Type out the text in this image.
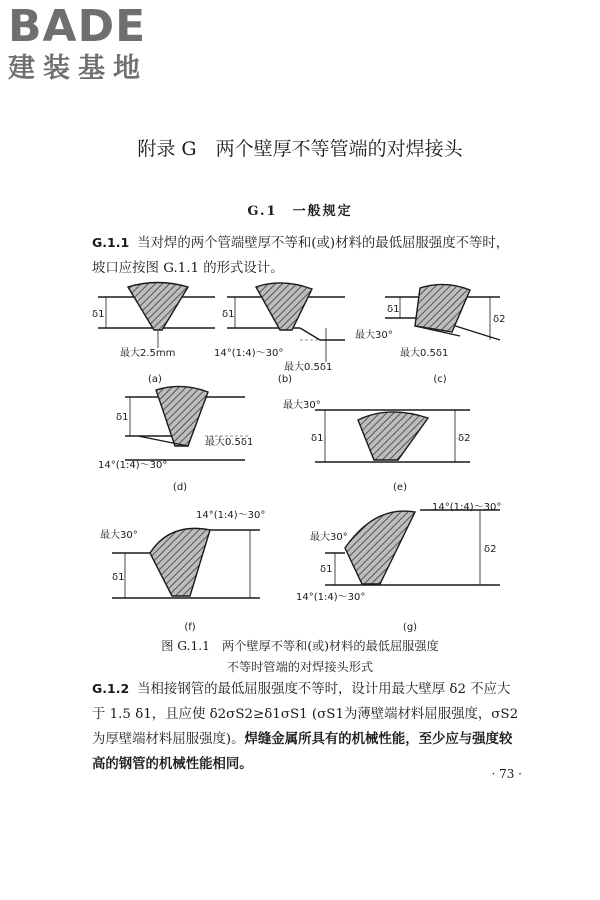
BADE
建装基地
附录 G　两个壁厚不等管端的对焊接头
G.1　一般规定
G.1.1 当对焊的两个管端壁厚不等和(或)材料的最低屈服强度不等时，坡口应按图 G.1.1 的形式设计。
(a)	(b)	(c)
(d)	(e)
(f)	(g)
最大2.5mm	14°(1:4)～30°
最大0.5δ1
最大30°
最大0.5δ1
最大0.5δ1
14°(1:4)～30°
最大30°
最大30°
14°(1:4)～30°
最大30°
14°(1:4)～30°
14°(1:4)～30°
δ1	δ1	δ1
δ2
δ1
δ1	δ2
δ1
δ1
δ2
图 G.1.1　两个壁厚不等和(或)材料的最低屈服强度
不等时管端的对焊接头形式
G.1.2 当相接钢管的最低屈服强度不等时，设计用最大壁厚 δ2 不应大于 1.5 δ1，且应使 δ2σS2≥δ1σS1 (σS1为薄壁端材料屈服强度，σS2为厚壁端材料屈服强度)。焊缝金属所具有的机械性能，至少应与强度较高的钢管的机械性能相同。
· 73 ·
